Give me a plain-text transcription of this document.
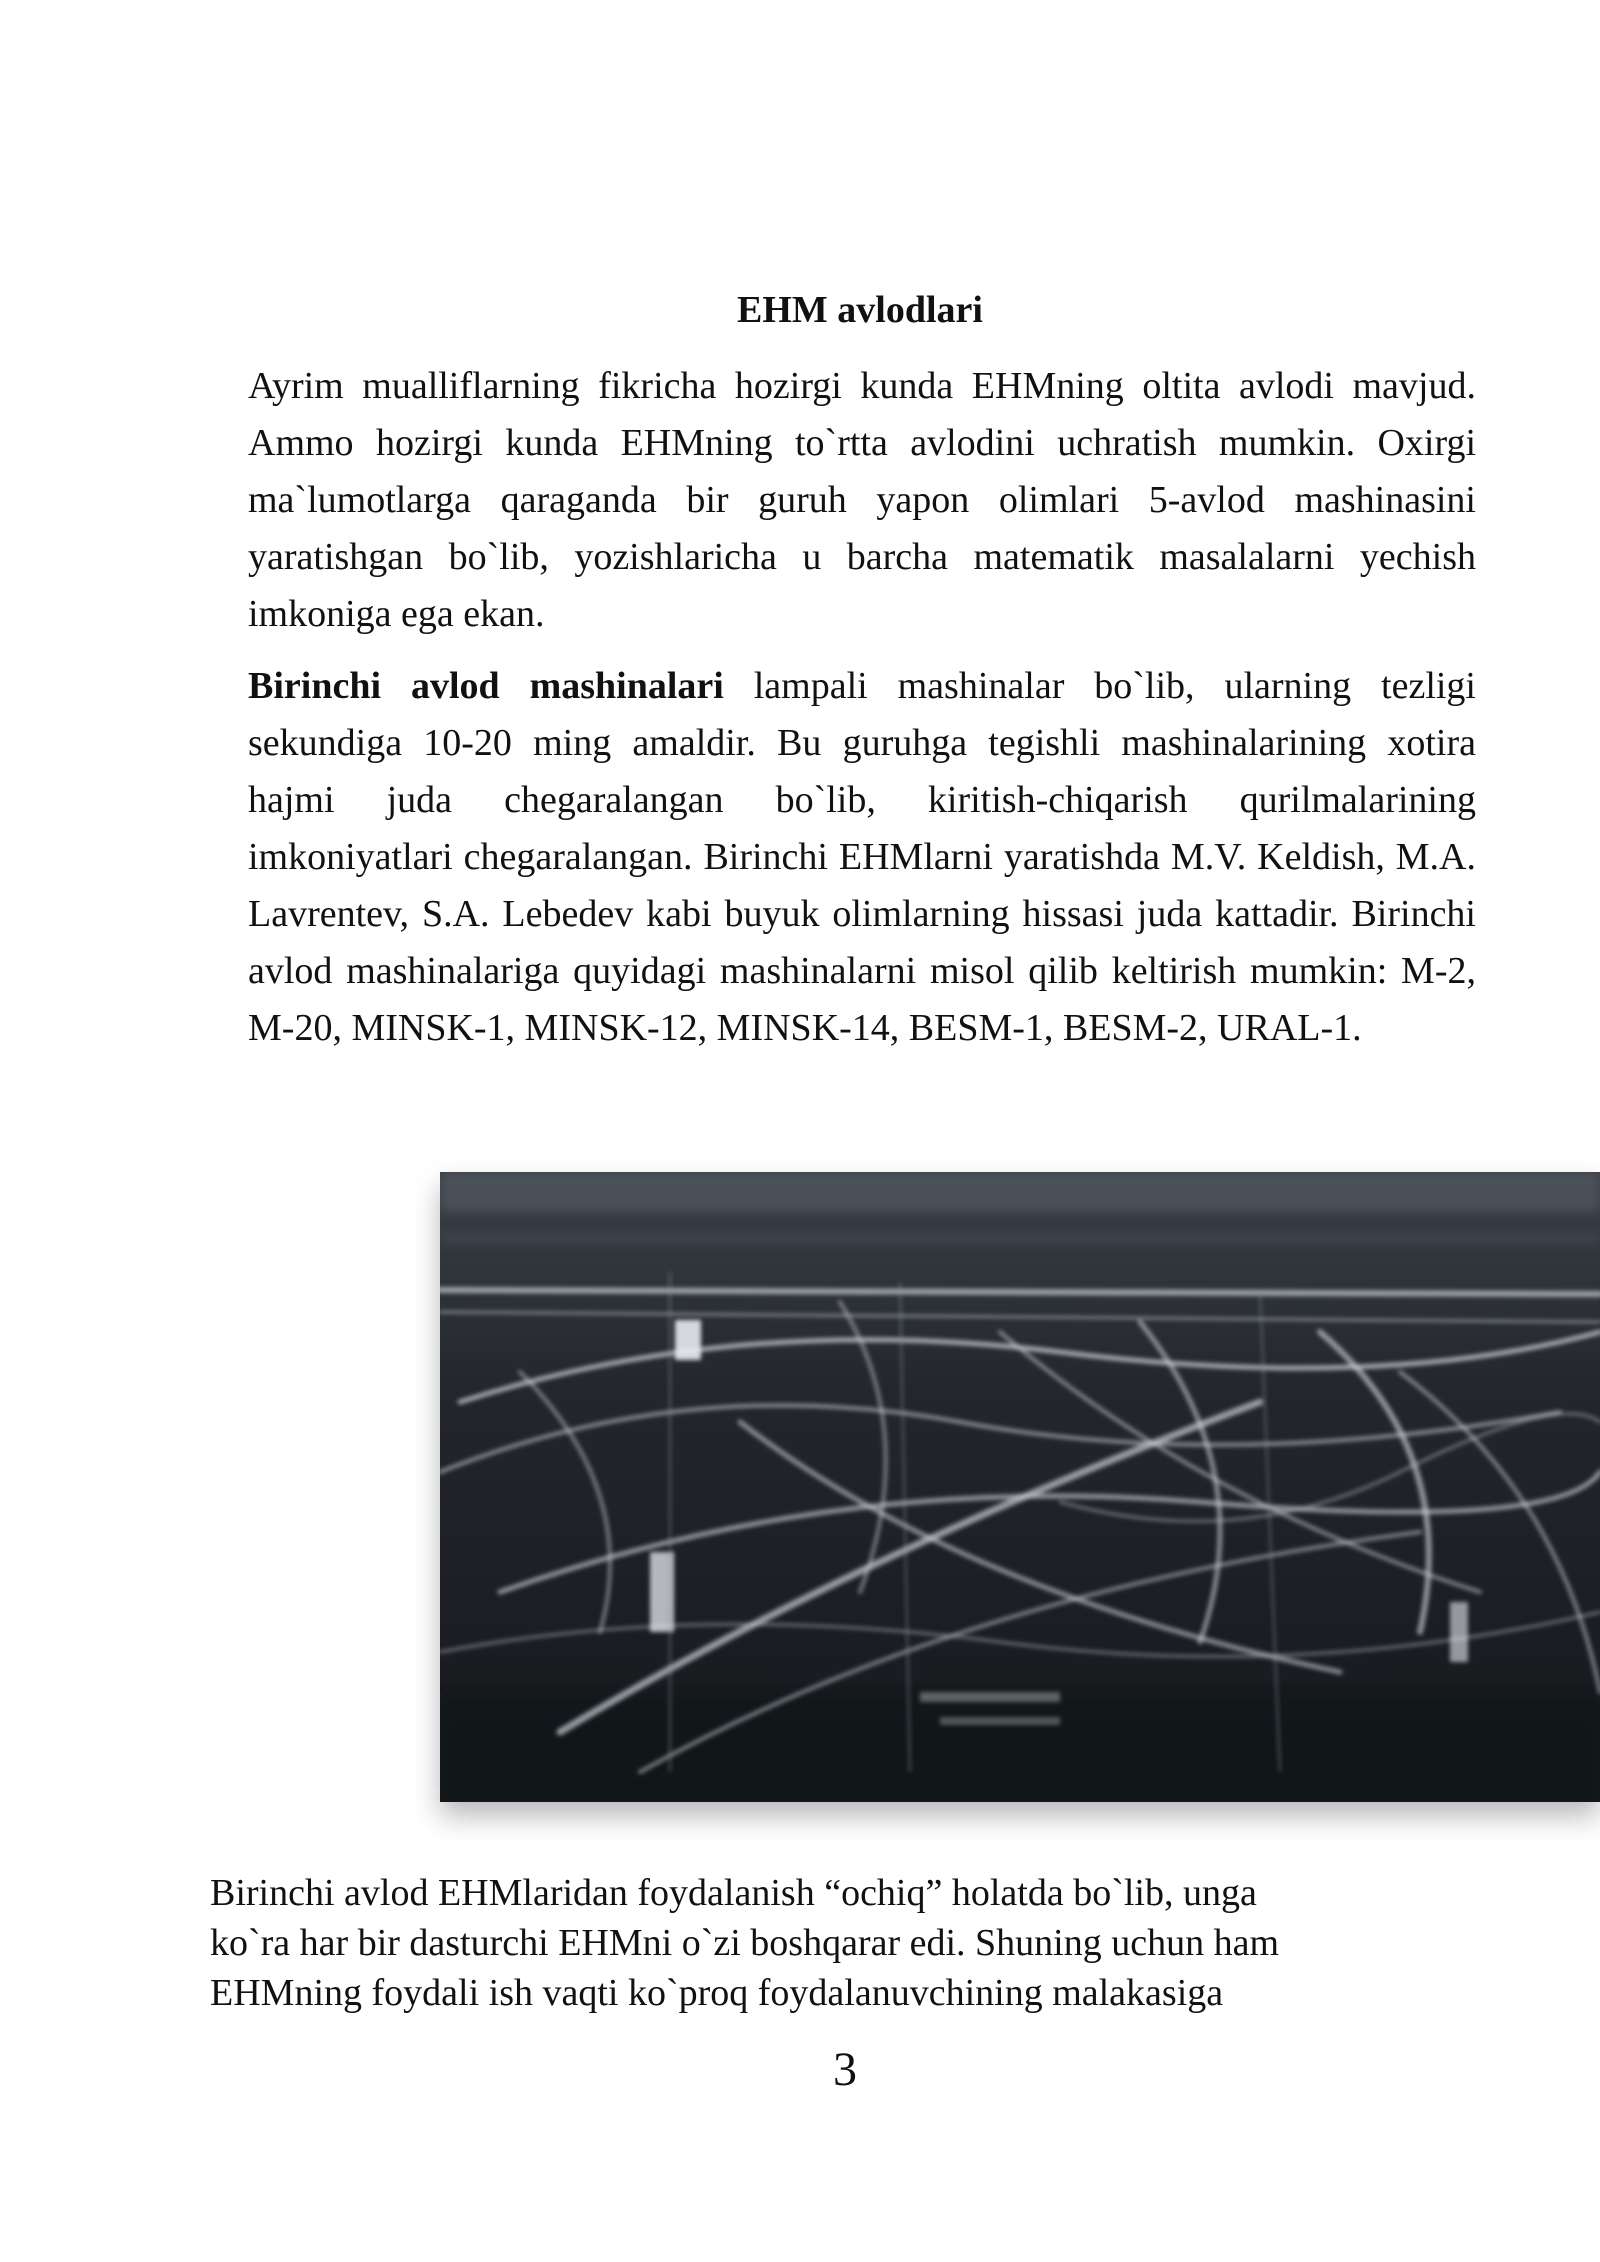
EHM avlodlari

Ayrim mualliflarning fikricha hozirgi kunda EHMning oltita avlodi mavjud. Ammo hozirgi kunda EHMning to`rtta avlodini uchratish mumkin. Oxirgi ma`lumotlarga qaraganda bir guruh yapon olimlari 5-avlod mashinasini yaratishgan bo`lib, yozishlaricha u barcha matematik masalalarni yechish imkoniga ega ekan.

Birinchi avlod mashinalari lampali mashinalar bo`lib, ularning tezligi sekundiga 10-20 ming amaldir. Bu guruhga tegishli mashinalarining xotira hajmi juda chegaralangan bo`lib, kiritish-chiqarish qurilmalarining imkoniyatlari chegaralangan. Birinchi EHMlarni yaratishda M.V. Keldish, M.A. Lavrentev, S.A. Lebedev kabi buyuk olimlarning hissasi juda kattadir. Birinchi avlod mashinalariga quyidagi mashinalarni misol qilib keltirish mumkin: M-2, M-20, MINSK-1, MINSK-12, MINSK-14, BESM-1, BESM-2, URAL-1.

Birinchi avlod EHMlaridan foydalanish “ochiq” holatda bo`lib, unga
ko`ra har bir dasturchi EHMni o`zi boshqarar edi. Shuning uchun ham
EHMning foydali ish vaqti ko`proq foydalanuvchining malakasiga

3
